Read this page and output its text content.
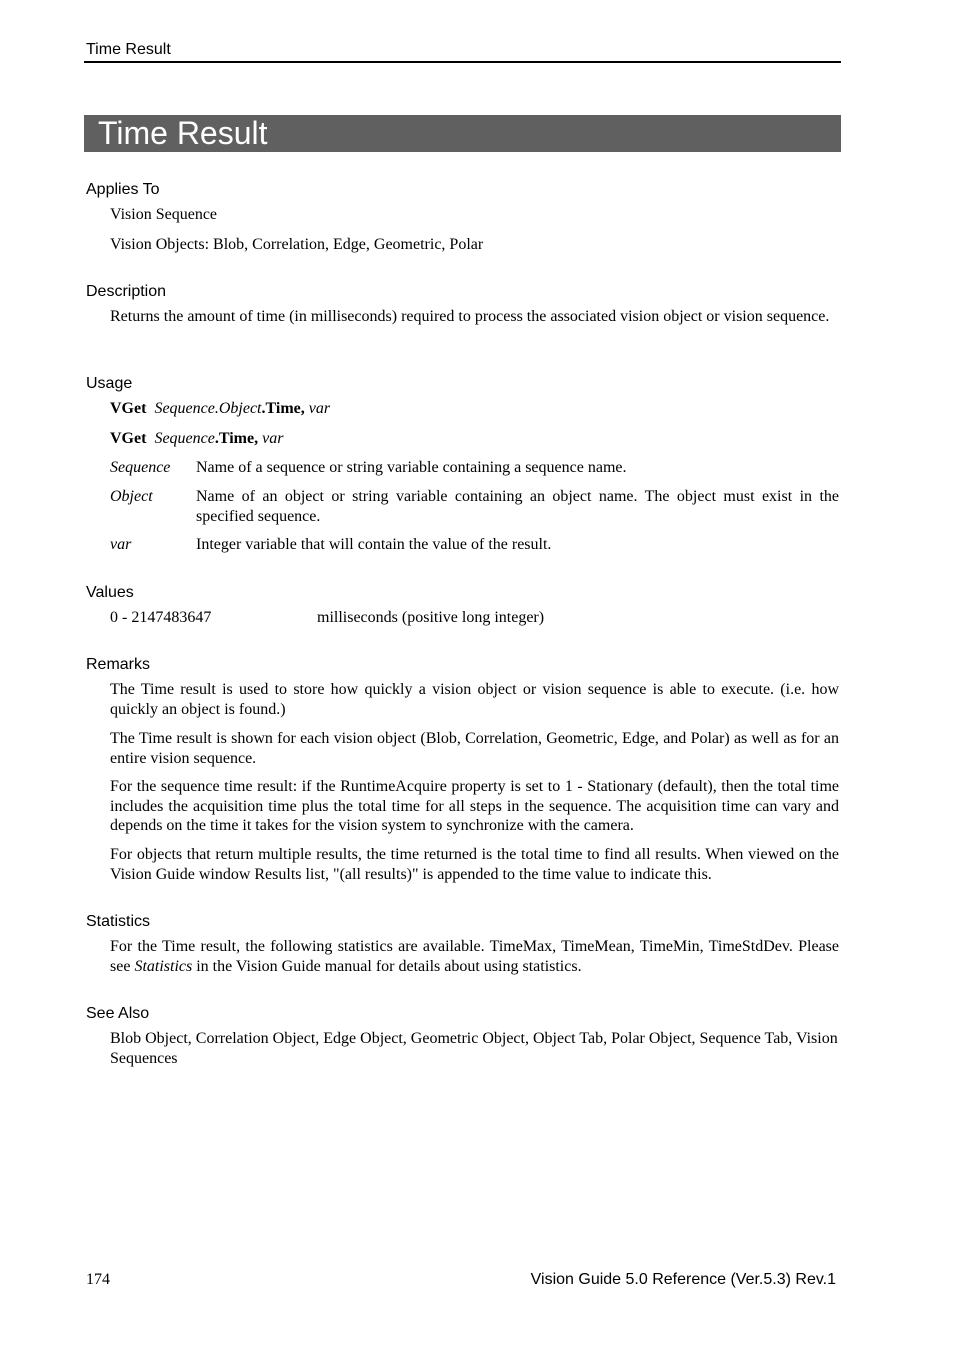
Time Result
Time Result
Applies To
Vision Sequence
Vision Objects: Blob, Correlation, Edge, Geometric, Polar
Description
Returns the amount of time (in milliseconds) required to process the associated vision object or vision sequence.
Usage
VGet Sequence.Object.Time, var
VGet Sequence.Time, var
Sequence Name of a sequence or string variable containing a sequence name.
Object	Name of an object or string variable containing an object name. The object must exist in the specified sequence.
var	Integer variable that will contain the value of the result.
Values
0 - 2147483647	milliseconds (positive long integer)
Remarks
The Time result is used to store how quickly a vision object or vision sequence is able to execute. (i.e. how quickly an object is found.)
The Time result is shown for each vision object (Blob, Correlation, Geometric, Edge, and Polar) as well as for an entire vision sequence.
For the sequence time result: if the RuntimeAcquire property is set to 1 - Stationary (default), then the total time includes the acquisition time plus the total time for all steps in the sequence. The acquisition time can vary and depends on the time it takes for the vision system to synchronize with the camera.
For objects that return multiple results, the time returned is the total time to find all results. When viewed on the Vision Guide window Results list, "(all results)" is appended to the time value to indicate this.
Statistics
For the Time result, the following statistics are available. TimeMax, TimeMean, TimeMin, TimeStdDev. Please see Statistics in the Vision Guide manual for details about using statistics.
See Also
Blob Object, Correlation Object, Edge Object, Geometric Object, Object Tab, Polar Object, Sequence Tab, Vision Sequences
174	Vision Guide 5.0 Reference (Ver.5.3) Rev.1
